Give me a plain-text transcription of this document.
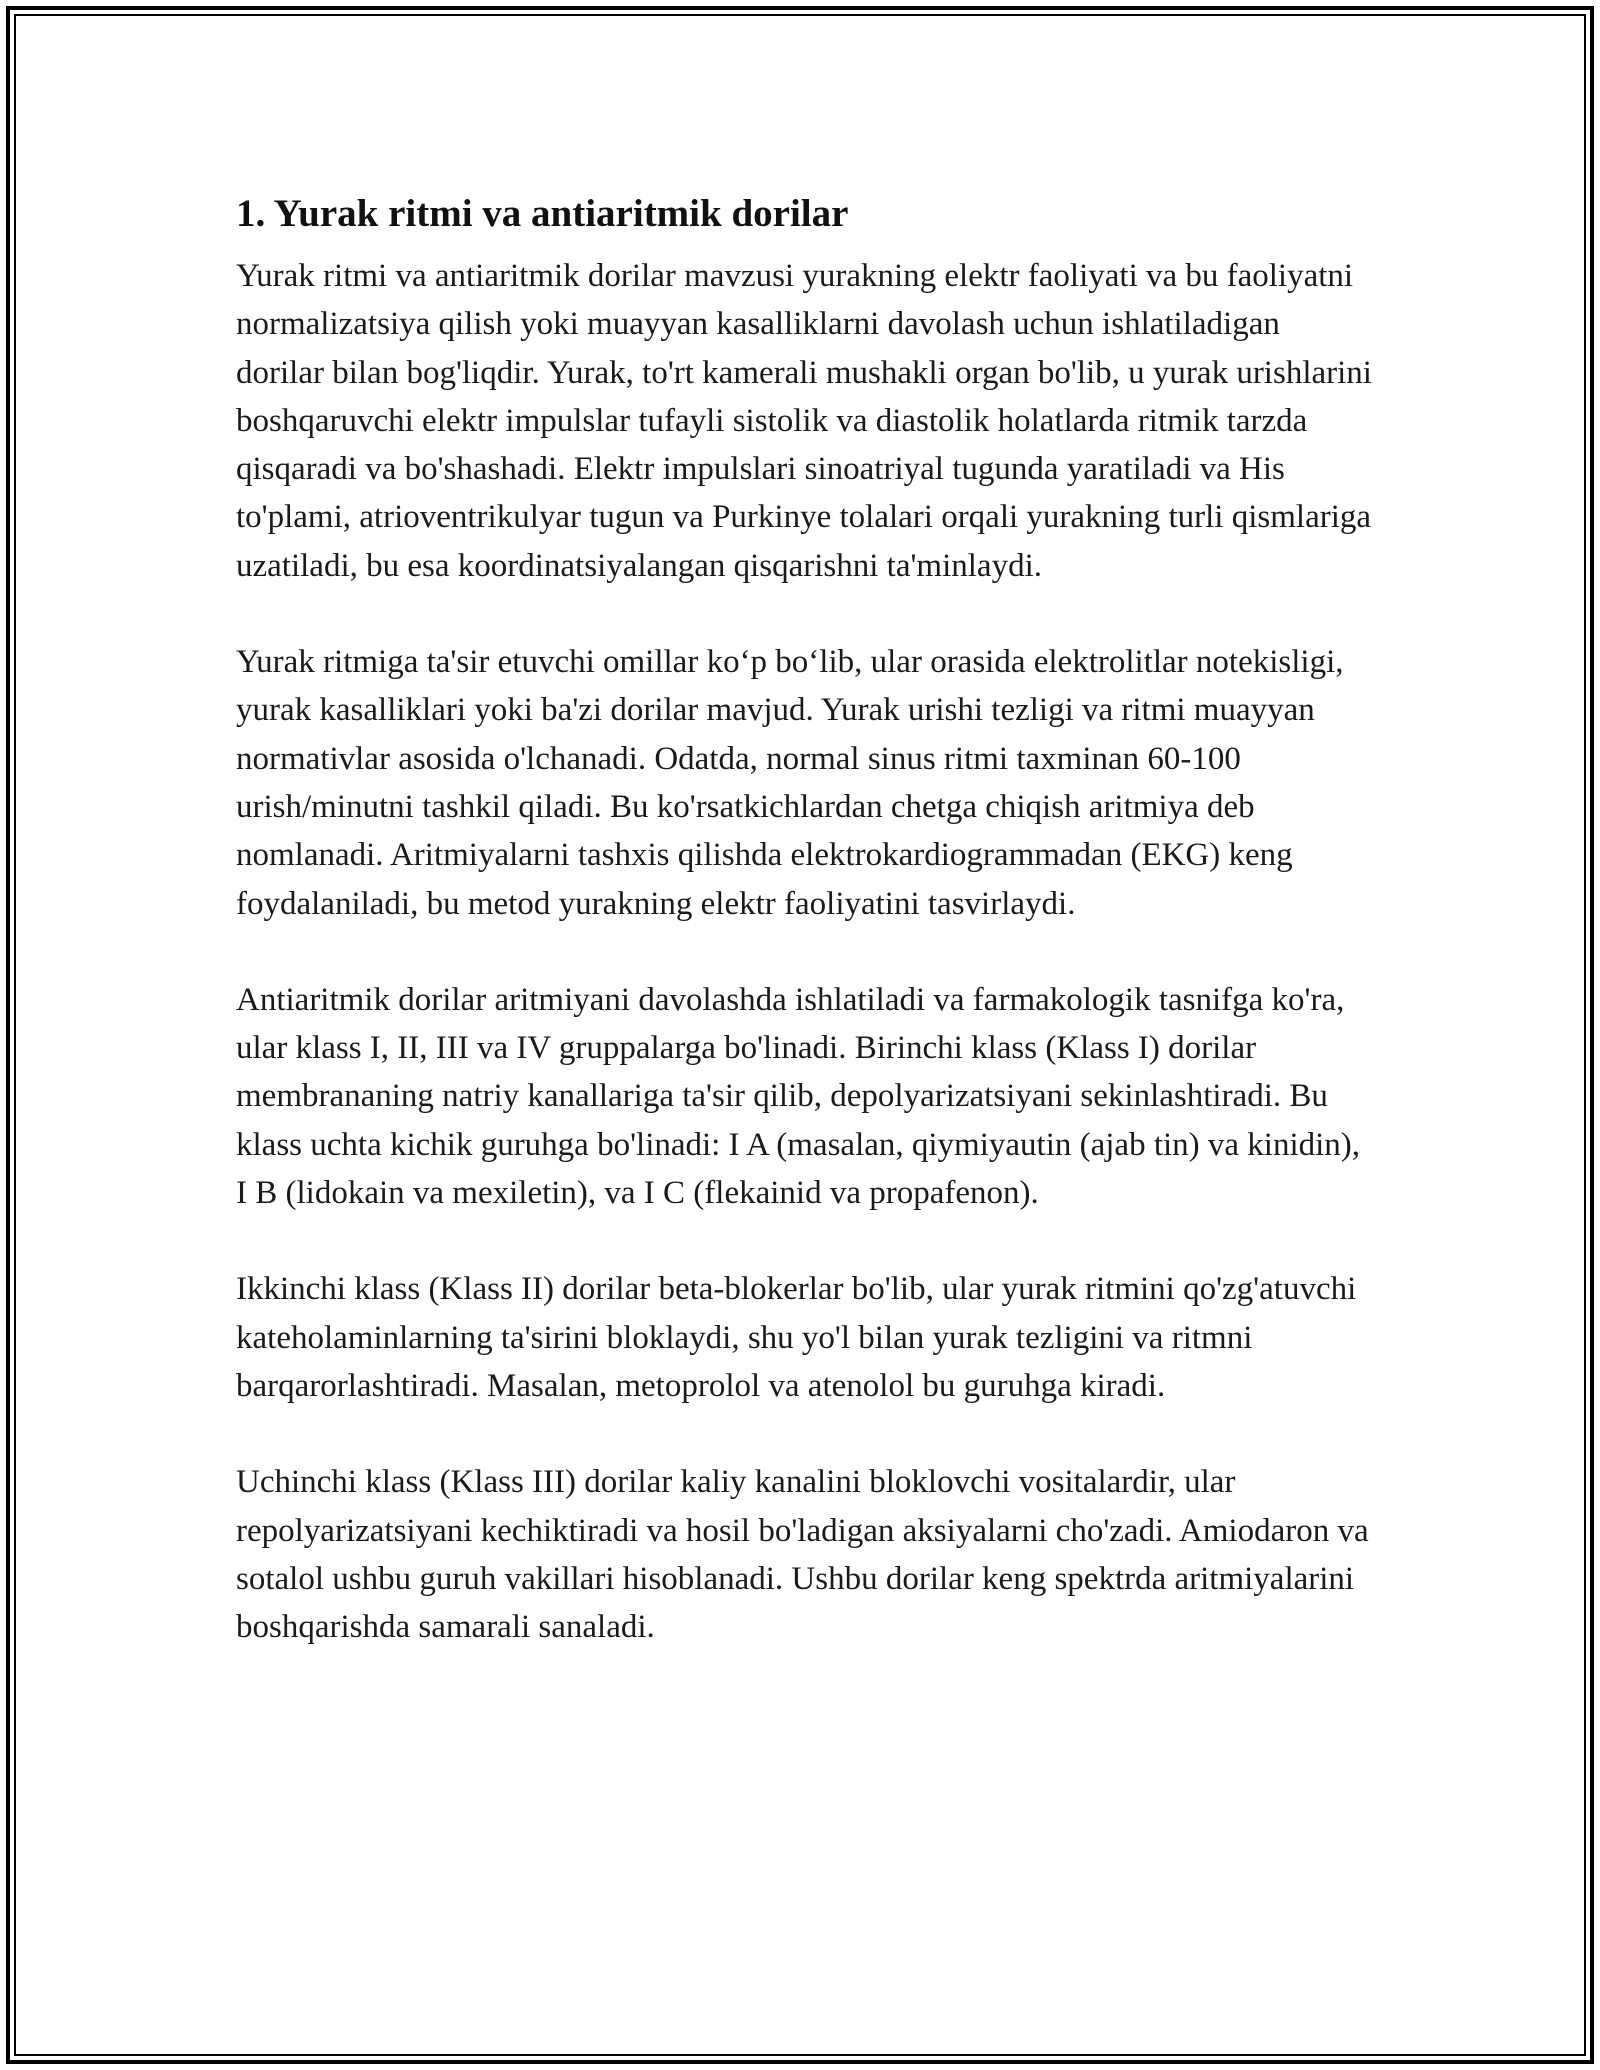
1. Yurak ritmi va antiaritmik dorilar

Yurak ritmi va antiaritmik dorilar mavzusi yurakning elektr faoliyati va bu faoliyatni normalizatsiya qilish yoki muayyan kasalliklarni davolash uchun ishlatiladigan dorilar bilan bog'liqdir. Yurak, to'rt kamerali mushakli organ bo'lib, u yurak urishlarini boshqaruvchi elektr impulslar tufayli sistolik va diastolik holatlarda ritmik tarzda qisqaradi va bo'shashadi. Elektr impulslari sinoatriyal tugunda yaratiladi va His to'plami, atrioventrikulyar tugun va Purkinye tolalari orqali yurakning turli qismlariga uzatiladi, bu esa koordinatsiyalangan qisqarishni ta'minlaydi.

Yurak ritmiga ta'sir etuvchi omillar koʻp boʻlib, ular orasida elektrolitlar notekisligi, yurak kasalliklari yoki ba'zi dorilar mavjud. Yurak urishi tezligi va ritmi muayyan normativlar asosida o'lchanadi. Odatda, normal sinus ritmi taxminan 60-100 urish/minutni tashkil qiladi. Bu ko'rsatkichlardan chetga chiqish aritmiya deb nomlanadi. Aritmiyalarni tashxis qilishda elektrokardiogrammadan (EKG) keng foydalaniladi, bu metod yurakning elektr faoliyatini tasvirlaydi.

Antiaritmik dorilar aritmiyani davolashda ishlatiladi va farmakologik tasnifga ko'ra, ular klass I, II, III va IV gruppalarga bo'linadi. Birinchi klass (Klass I) dorilar membrananing natriy kanallariga ta'sir qilib, depolyarizatsiyani sekinlashtiradi. Bu klass uchta kichik guruhga bo'linadi: I A (masalan, qiymiyautin (ajab tin) va kinidin), I B (lidokain va mexiletin), va I C (flekainid va propafenon).

Ikkinchi klass (Klass II) dorilar beta-blokerlar bo'lib, ular yurak ritmini qo'zg'atuvchi kateholaminlarning ta'sirini bloklaydi, shu yo'l bilan yurak tezligini va ritmni barqarorlashtiradi. Masalan, metoprolol va atenolol bu guruhga kiradi.

Uchinchi klass (Klass III) dorilar kaliy kanalini bloklovchi vositalardir, ular repolyarizatsiyani kechiktiradi va hosil bo'ladigan aksiyalarni cho'zadi. Amiodaron va sotalol ushbu guruh vakillari hisoblanadi. Ushbu dorilar keng spektrda aritmiyalarini boshqarishda samarali sanaladi.
